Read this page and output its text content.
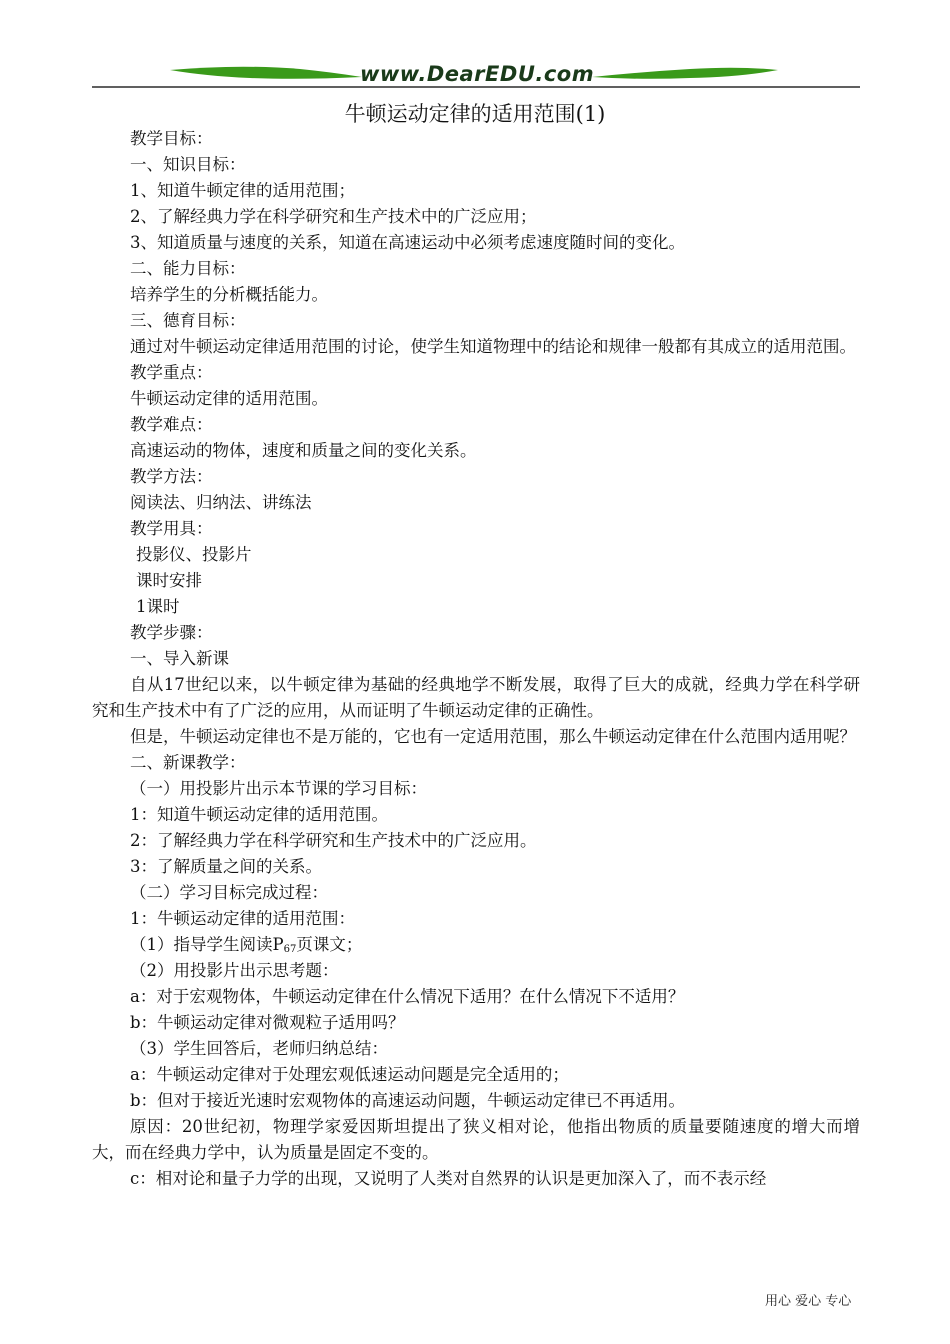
www.DearEDU.com
牛顿运动定律的适用范围(1)
教学目标：
一、知识目标：
1、知道牛顿定律的适用范围；
2、了解经典力学在科学研究和生产技术中的广泛应用；
3、知道质量与速度的关系，知道在高速运动中必须考虑速度随时间的变化。
二、能力目标：
培养学生的分析概括能力。
三、德育目标：
通过对牛顿运动定律适用范围的讨论，使学生知道物理中的结论和规律一般都有其成立的适用范围。
教学重点：
牛顿运动定律的适用范围。
教学难点：
高速运动的物体，速度和质量之间的变化关系。
教学方法：
阅读法、归纳法、讲练法
教学用具：
投影仪、投影片
课时安排
1课时
教学步骤：
一、导入新课
自从17世纪以来，以牛顿定律为基础的经典地学不断发展，取得了巨大的成就，经典力学在科学研究和生产技术中有了广泛的应用，从而证明了牛顿运动定律的正确性。
但是，牛顿运动定律也不是万能的，它也有一定适用范围，那么牛顿运动定律在什么范围内适用呢？
二、新课教学：
（一）用投影片出示本节课的学习目标：
1：知道牛顿运动定律的适用范围。
2：了解经典力学在科学研究和生产技术中的广泛应用。
3：了解质量之间的关系。
（二）学习目标完成过程：
1：牛顿运动定律的适用范围：
（1）指导学生阅读$P_{67}$页课文；
（2）用投影片出示思考题：
a：对于宏观物体，牛顿运动定律在什么情况下适用？在什么情况下不适用？
b：牛顿运动定律对微观粒子适用吗？
（3）学生回答后，老师归纳总结：
a：牛顿运动定律对于处理宏观低速运动问题是完全适用的；
b：但对于接近光速时宏观物体的高速运动问题，牛顿运动定律已不再适用。
原因：20世纪初，物理学家爱因斯坦提出了狭义相对论，他指出物质的质量要随速度的增大而增大，而在经典力学中，认为质量是固定不变的。
c：相对论和量子力学的出现，又说明了人类对自然界的认识是更加深入了，而不表示经
用心 爱心 专心
